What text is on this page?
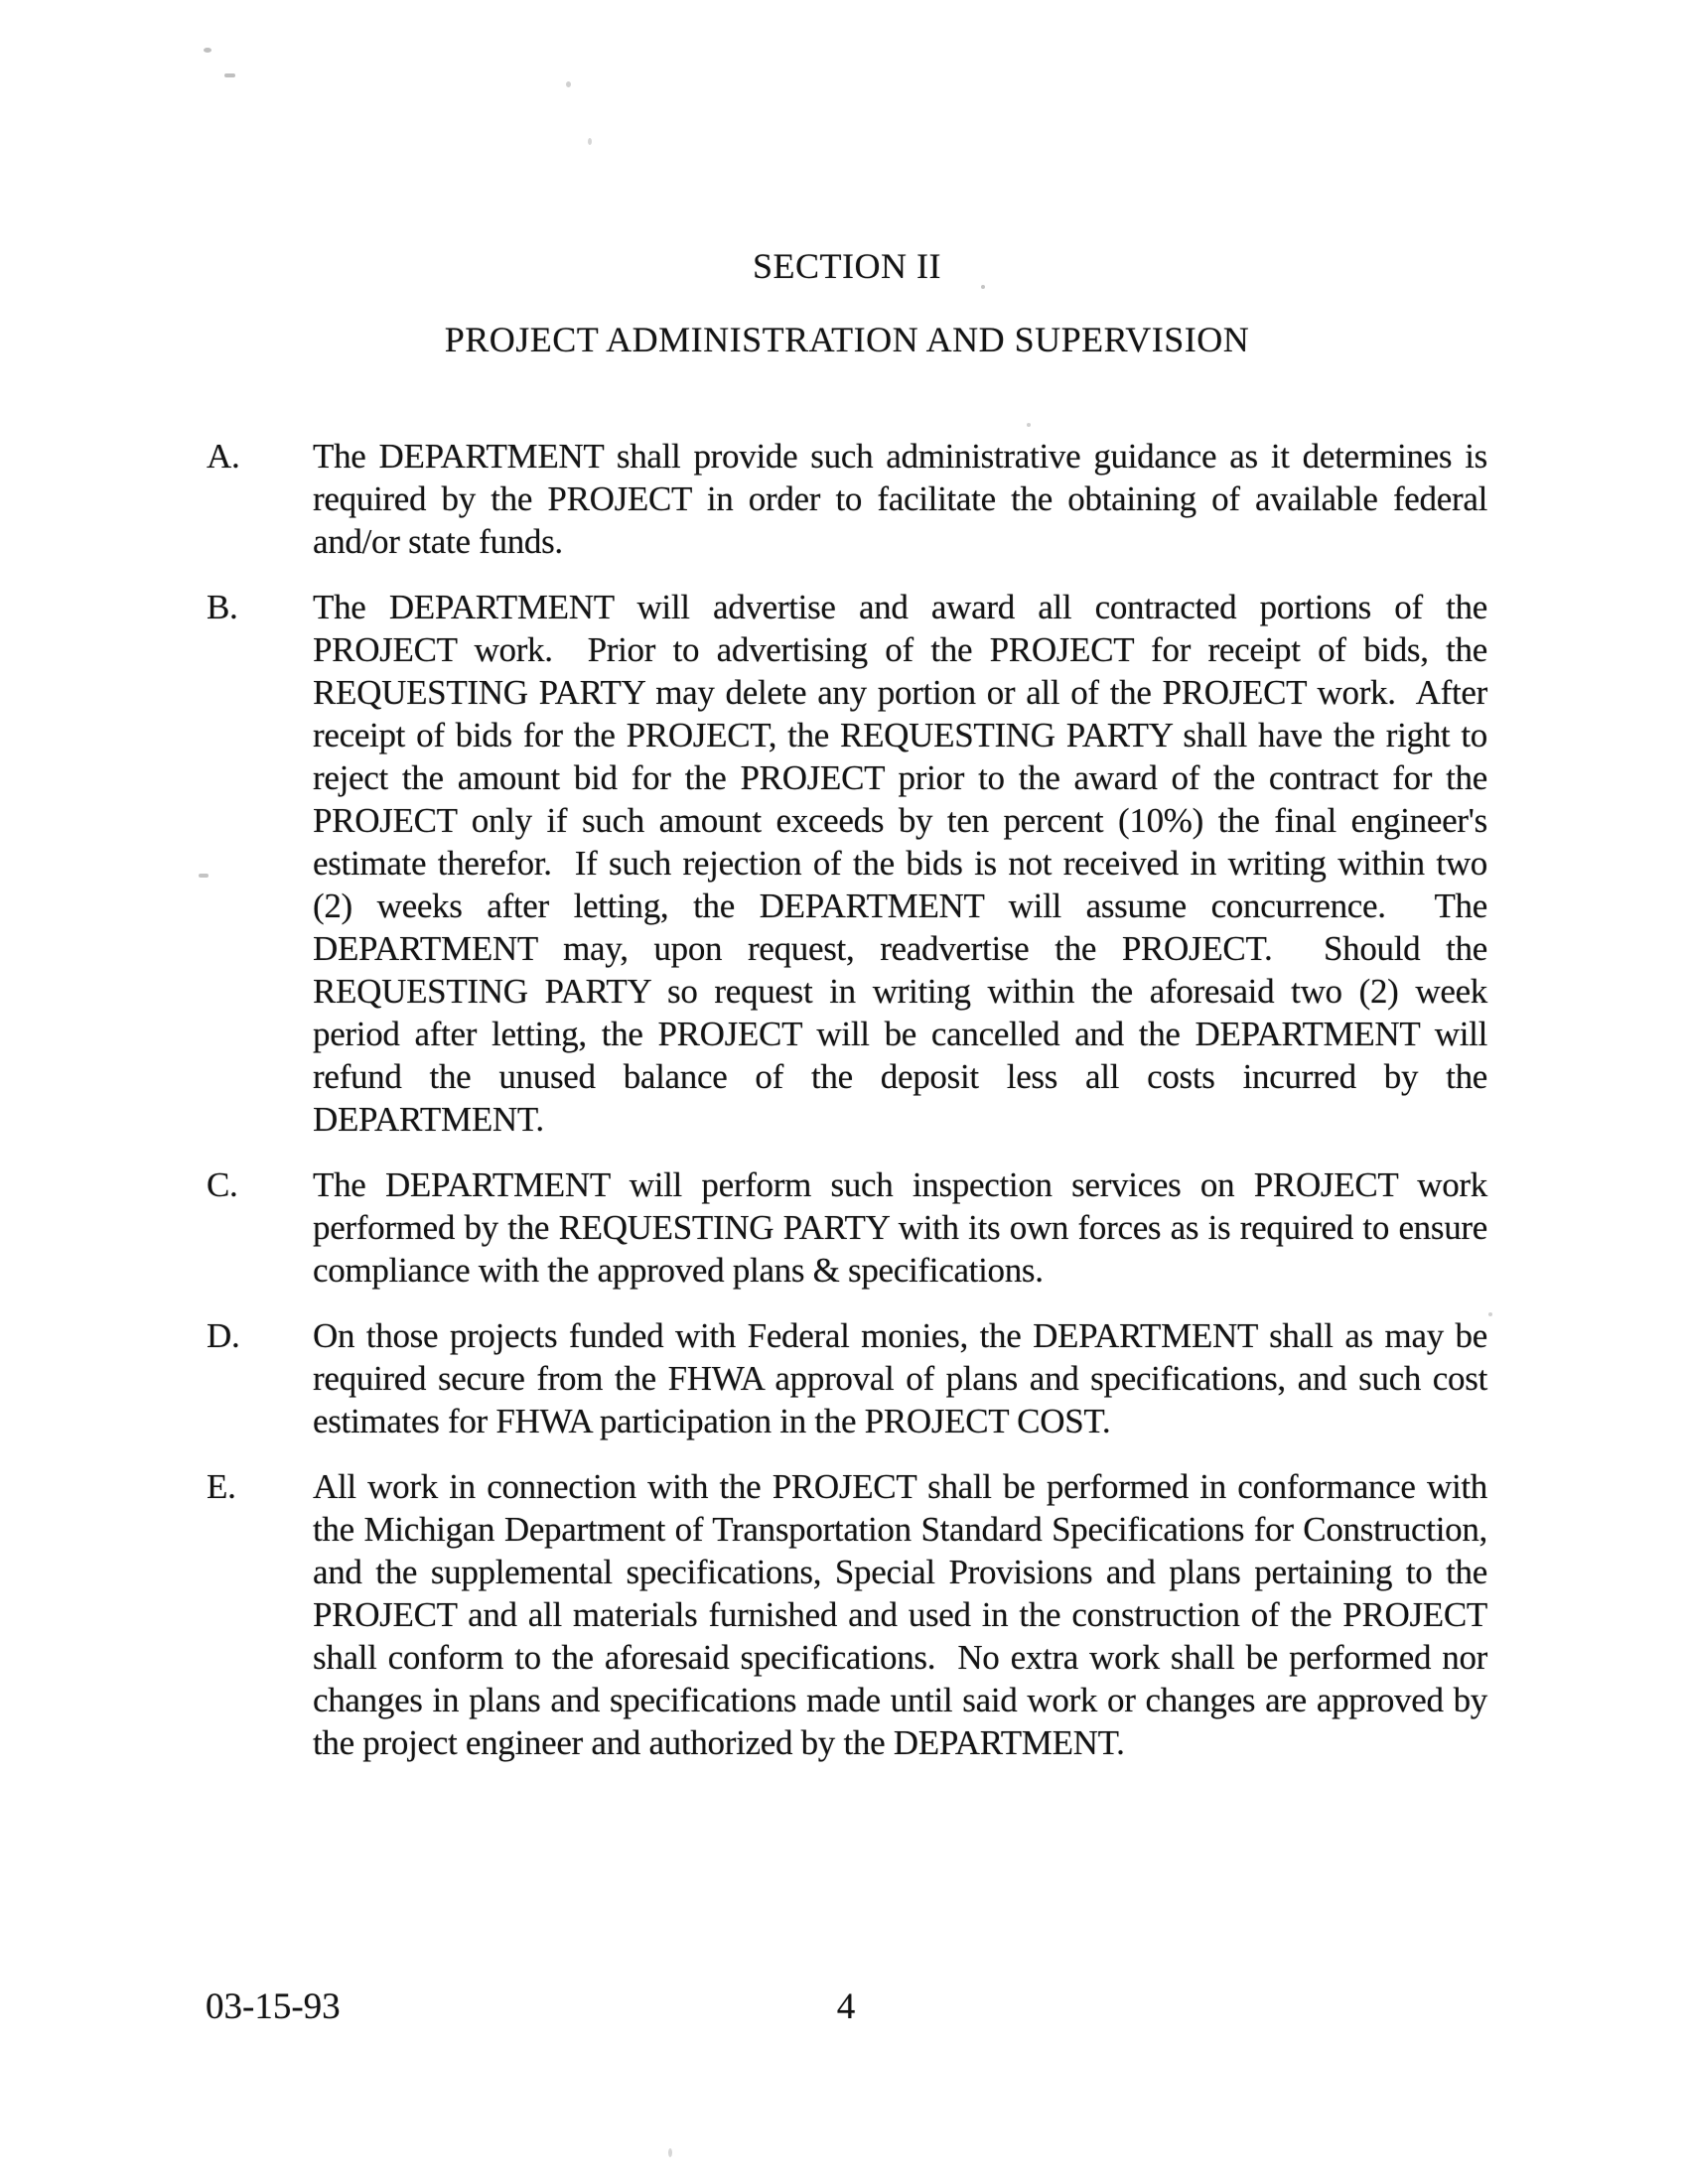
SECTION II
PROJECT ADMINISTRATION AND SUPERVISION
A.	The DEPARTMENT shall provide such administrative guidance as it determines is required by the PROJECT in order to facilitate the obtaining of available federal and/or state funds.
B.	The DEPARTMENT will advertise and award all contracted portions of the PROJECT work.  Prior to advertising of the PROJECT for receipt of bids, the REQUESTING PARTY may delete any portion or all of the PROJECT work.  After receipt of bids for the PROJECT, the REQUESTING PARTY shall have the right to reject the amount bid for the PROJECT prior to the award of the contract for the PROJECT only if such amount exceeds by ten percent (10%) the final engineer's estimate therefor.  If such rejection of the bids is not received in writing within two (2) weeks after letting, the DEPARTMENT will assume concurrence.  The DEPARTMENT may, upon request, readvertise the PROJECT.  Should the REQUESTING PARTY so request in writing within the aforesaid two (2) week period after letting, the PROJECT will be cancelled and the DEPARTMENT will refund the unused balance of the deposit less all costs incurred by the DEPARTMENT.
C.	The DEPARTMENT will perform such inspection services on PROJECT work performed by the REQUESTING PARTY with its own forces as is required to ensure compliance with the approved plans & specifications.
D.	On those projects funded with Federal monies, the DEPARTMENT shall as may be required secure from the FHWA approval of plans and specifications, and such cost estimates for FHWA participation in the PROJECT COST.
E.	All work in connection with the PROJECT shall be performed in conformance with the Michigan Department of Transportation Standard Specifications for Construction, and the supplemental specifications, Special Provisions and plans pertaining to the PROJECT and all materials furnished and used in the construction of the PROJECT shall conform to the aforesaid specifications.  No extra work shall be performed nor changes in plans and specifications made until said work or changes are approved by the project engineer and authorized by the DEPARTMENT.
03-15-93	4
